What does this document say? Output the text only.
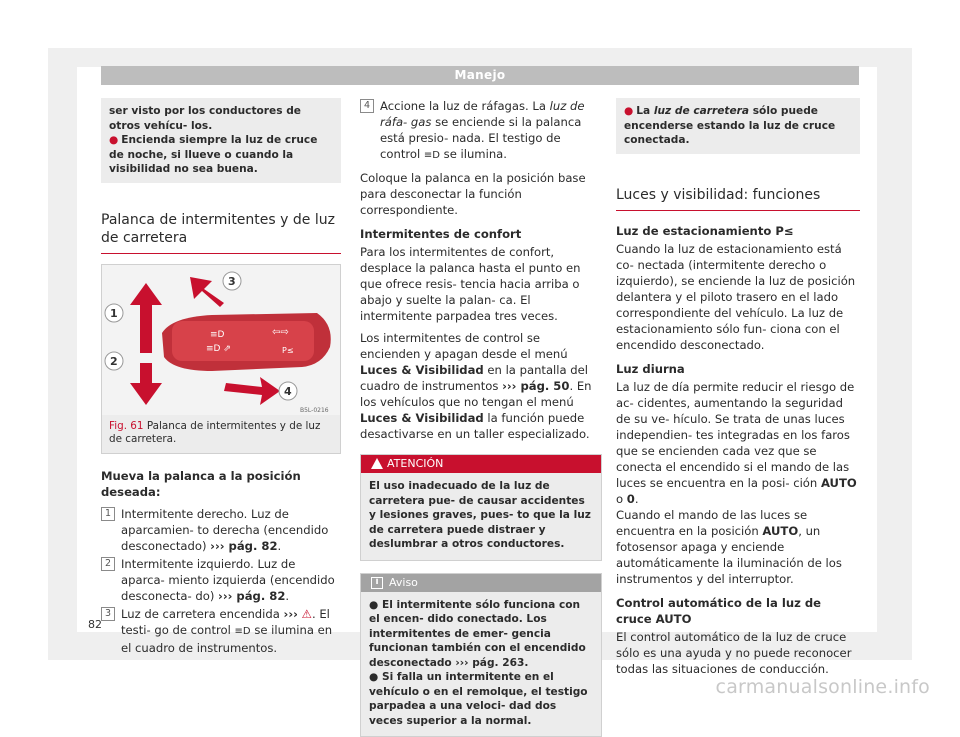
Manejo
ser visto por los conductores de otros vehícu- los.
● Encienda siempre la luz de cruce de noche, si llueve o cuando la visibilidad no sea buena.
Palanca de intermitentes y de luz de carretera
≡D	⇦⇨
≡D ⇗	P≤
1
2
3
4
B5L-0216
Fig. 61 Palanca de intermitentes y de luz de carretera.
Mueva la palanca a la posición deseada:
1 Intermitente derecho. Luz de aparcamien- to derecha (encendido desconectado) ››› pág. 82.
2 Intermitente izquierdo. Luz de aparca- miento izquierda (encendido desconecta- do) ››› pág. 82.
3 Luz de carretera encendida ››› ⚠. El testi- go de control ≡D se ilumina en el cuadro de instrumentos.
4 Accione la luz de ráfagas. La luz de ráfa- gas se enciende si la palanca está presio- nada. El testigo de control ≡D se ilumina.
Coloque la palanca en la posición base para desconectar la función correspondiente.
Intermitentes de confort
Para los intermitentes de confort, desplace la palanca hasta el punto en que ofrece resis- tencia hacia arriba o abajo y suelte la palan- ca. El intermitente parpadea tres veces.
Los intermitentes de control se encienden y apagan desde el menú Luces & Visibilidad en la pantalla del cuadro de instrumentos ››› pág. 50. En los vehículos que no tengan el menú Luces & Visibilidad la función puede desactivarse en un taller especializado.
ATENCIÓN
El uso inadecuado de la luz de carretera pue- de causar accidentes y lesiones graves, pues- to que la luz de carretera puede distraer y deslumbrar a otros conductores.
i Aviso
● El intermitente sólo funciona con el encen- dido conectado. Los intermitentes de emer- gencia funcionan también con el encendido desconectado ››› pág. 263.
● Si falla un intermitente en el vehículo o en el remolque, el testigo parpadea a una veloci- dad dos veces superior a la normal.
● La luz de carretera sólo puede encenderse estando la luz de cruce conectada.
Luces y visibilidad: funciones
Luz de estacionamiento P≤
Cuando la luz de estacionamiento está co- nectada (intermitente derecho o izquierdo), se enciende la luz de posición delantera y el piloto trasero en el lado correspondiente del vehículo. La luz de estacionamiento sólo fun- ciona con el encendido desconectado.
Luz diurna
La luz de día permite reducir el riesgo de ac- cidentes, aumentando la seguridad de su ve- hículo. Se trata de unas luces independien- tes integradas en los faros que se encienden cada vez que se conecta el encendido si el mando de las luces se encuentra en la posi- ción AUTO o 0.
Cuando el mando de las luces se encuentra en la posición AUTO, un fotosensor apaga y enciende automáticamente la iluminación de los instrumentos y del interruptor.
Control automático de la luz de cruce AUTO
El control automático de la luz de cruce sólo es una ayuda y no puede reconocer todas las situaciones de conducción.
82
carmanualsonline.info
